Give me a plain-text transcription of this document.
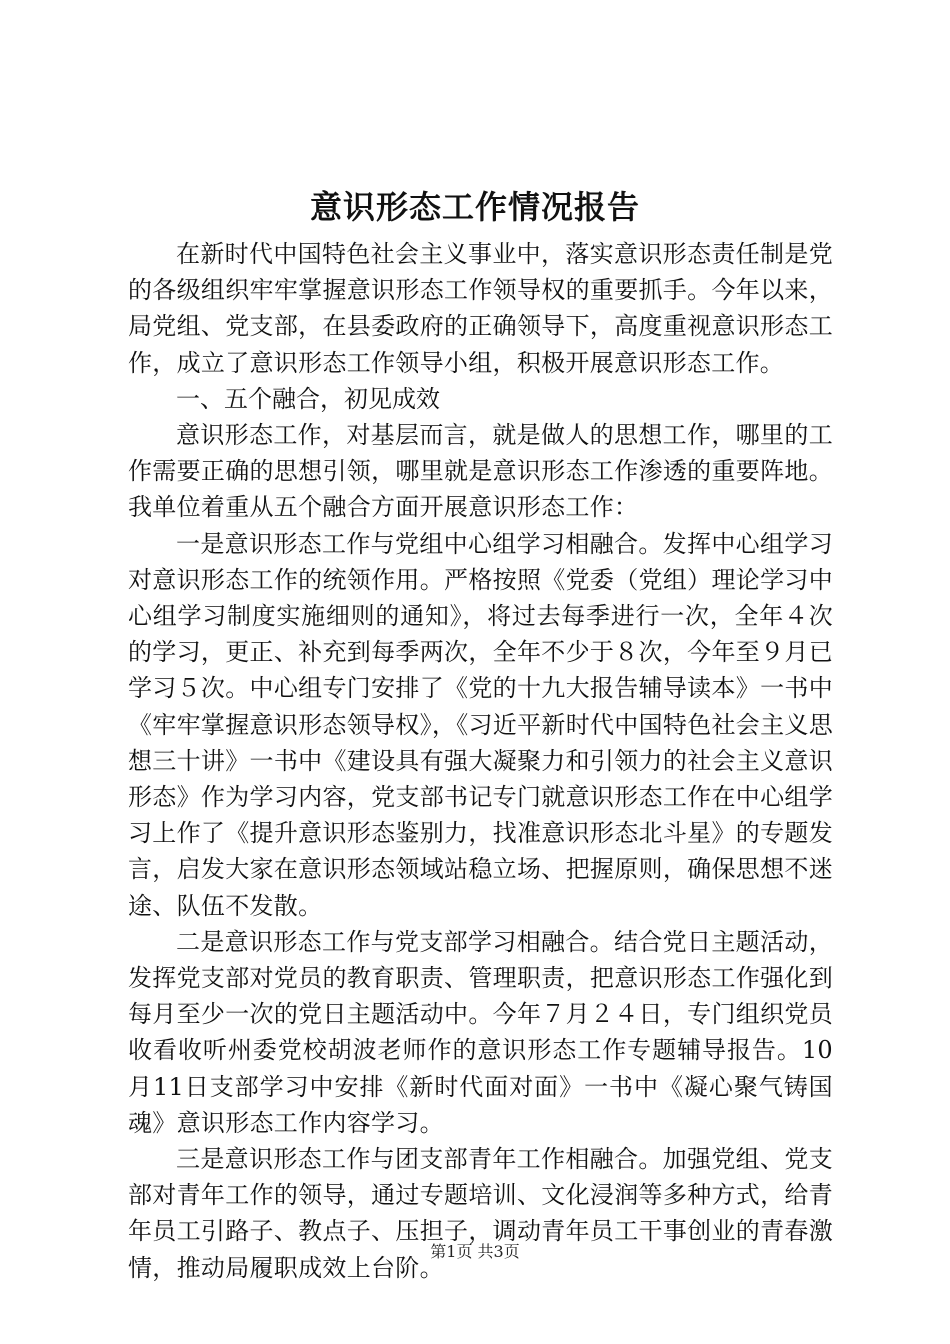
意识形态工作情况报告

在新时代中国特色社会主义事业中，落实意识形态责任制是党的各级组织牢牢掌握意识形态工作领导权的重要抓手。今年以来，局党组、党支部，在县委政府的正确领导下，高度重视意识形态工作，成立了意识形态工作领导小组，积极开展意识形态工作。

一、五个融合，初见成效

意识形态工作，对基层而言，就是做人的思想工作，哪里的工作需要正确的思想引领，哪里就是意识形态工作渗透的重要阵地。我单位着重从五个融合方面开展意识形态工作：

一是意识形态工作与党组中心组学习相融合。发挥中心组学习对意识形态工作的统领作用。严格按照《党委（党组）理论学习中心组学习制度实施细则的通知》，将过去每季进行一次，全年４次的学习，更正、补充到每季两次，全年不少于８次，今年至９月已学习５次。中心组专门安排了《党的十九大报告辅导读本》一书中《牢牢掌握意识形态领导权》，《习近平新时代中国特色社会主义思想三十讲》一书中《建设具有强大凝聚力和引领力的社会主义意识形态》作为学习内容，党支部书记专门就意识形态工作在中心组学习上作了《提升意识形态鉴别力，找准意识形态北斗星》的专题发言，启发大家在意识形态领域站稳立场、把握原则，确保思想不迷途、队伍不发散。

二是意识形态工作与党支部学习相融合。结合党日主题活动，发挥党支部对党员的教育职责、管理职责，把意识形态工作强化到每月至少一次的党日主题活动中。今年７月２４日，专门组织党员收看收听州委党校胡波老师作的意识形态工作专题辅导报告。10月11日支部学习中安排《新时代面对面》一书中《凝心聚气铸国魂》意识形态工作内容学习。

三是意识形态工作与团支部青年工作相融合。加强党组、党支部对青年工作的领导，通过专题培训、文化浸润等多种方式，给青年员工引路子、教点子、压担子，调动青年员工干事创业的青春激情，推动局履职成效上台阶。

第1页 共3页
